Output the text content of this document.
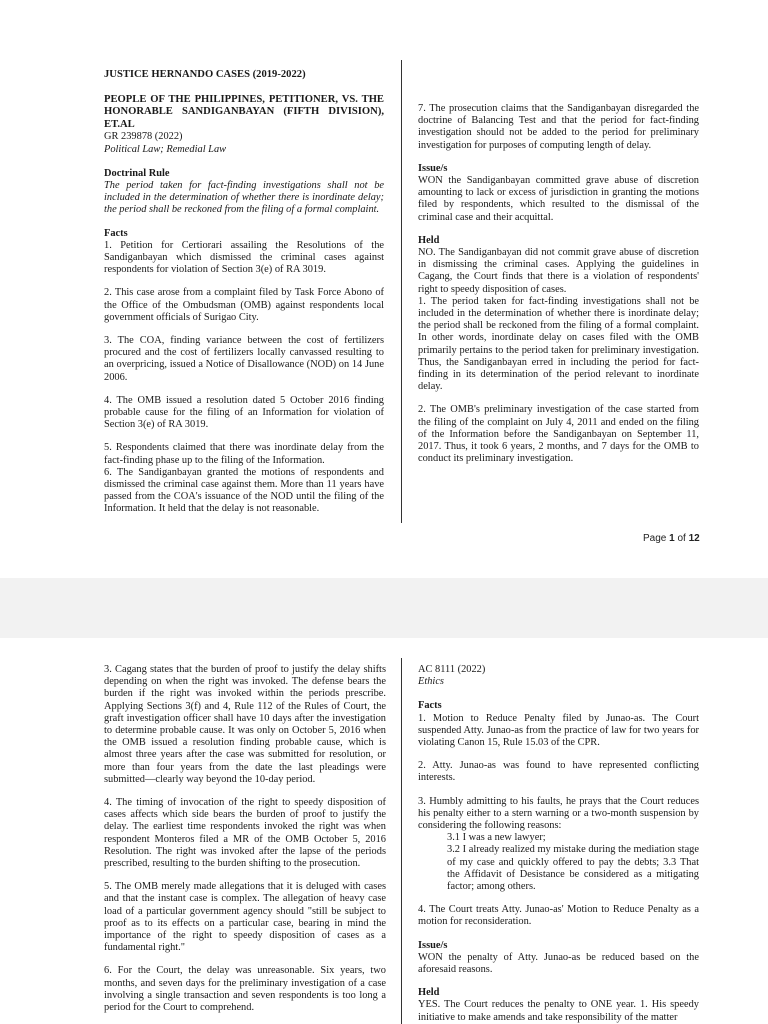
JUSTICE HERNANDO CASES (2019-2022)
PEOPLE OF THE PHILIPPINES, PETITIONER, VS. THE HONORABLE SANDIGANBAYAN (FIFTH DIVISION), ET.AL
GR 239878 (2022)
Political Law; Remedial Law
Doctrinal Rule

The period taken for fact-finding investigations shall not be included in the determination of whether there is inordinate delay; the period shall be reckoned from the filing of a formal complaint.

Facts

1. Petition for Certiorari assailing the Resolutions of the Sandiganbayan which dismissed the criminal cases against respondents for violation of Section 3(e) of RA 3019.

2. This case arose from a complaint filed by Task Force Abono of the Office of the Ombudsman (OMB) against respondents local government officials of Surigao City.

3. The COA, finding variance between the cost of fertilizers procured and the cost of fertilizers locally canvassed resulting to an overpricing, issued a Notice of Disallowance (NOD) on 14 June 2006.

4. The OMB issued a resolution dated 5 October 2016 finding probable cause for the filing of an Information for violation of Section 3(e) of RA 3019.

5. Respondents claimed that there was inordinate delay from the fact-finding phase up to the filing of the Information.

6. The Sandiganbayan granted the motions of respondents and dismissed the criminal case against them. More than 11 years have passed from the COA's issuance of the NOD until the filing of the Information. It held that the delay is not reasonable.

7. The prosecution claims that the Sandiganbayan disregarded the doctrine of Balancing Test and that the period for fact-finding investigation should not be added to the period for preliminary investigation for purposes of computing length of delay.

Issue/s

WON the Sandiganbayan committed grave abuse of discretion amounting to lack or excess of jurisdiction in granting the motions filed by respondents, which resulted to the dismissal of the criminal case and their acquittal.

Held

NO. The Sandiganbayan did not commit grave abuse of discretion in dismissing the criminal cases. Applying the guidelines in Cagang, the Court finds that there is a violation of respondents' right to speedy disposition of cases.

1. The period taken for fact-finding investigations shall not be included in the determination of whether there is inordinate delay; the period shall be reckoned from the filing of a formal complaint. In other words, inordinate delay on cases filed with the OMB primarily pertains to the period taken for preliminary investigation. Thus, the Sandiganbayan erred in including the period for fact-finding in its determination of the period relevant to inordinate delay.

2. The OMB's preliminary investigation of the case started from the filing of the complaint on July 4, 2011 and ended on the filing of the Information before the Sandiganbayan on September 11, 2017. Thus, it took 6 years, 2 months, and 7 days for the OMB to conduct its preliminary investigation.

Page 1 of 12

3. Cagang states that the burden of proof to justify the delay shifts depending on when the right was invoked. The defense bears the burden if the right was invoked within the periods prescribe. Applying Sections 3(f) and 4, Rule 112 of the Rules of Court, the graft investigation officer shall have 10 days after the investigation to determine probable cause. It was only on October 5, 2016 when the OMB issued a resolution finding probable cause, which is almost three years after the case was submitted for resolution, or more than four years from the date the last pleadings were submitted—clearly way beyond the 10-day period.

4. The timing of invocation of the right to speedy disposition of cases affects which side bears the burden of proof to justify the delay. The earliest time respondents invoked the right was when respondent Monteros filed a MR of the OMB October 5, 2016 Resolution. The right was invoked after the lapse of the periods prescribed, resulting to the burden shifting to the prosecution.

5. The OMB merely made allegations that it is deluged with cases and that the instant case is complex. The allegation of heavy case load of a particular government agency should "still be subject to proof as to its effects on a particular case, bearing in mind the importance of the right to speedy disposition of cases as a fundamental right."

6. For the Court, the delay was unreasonable. Six years, two months, and seven days for the preliminary investigation of a case involving a single transaction and seven respondents is too long a period for the Court to comprehend.

AC 8111 (2022)
Ethics
Facts

1. Motion to Reduce Penalty filed by Junao-as. The Court suspended Atty. Junao-as from the practice of law for two years for violating Canon 15, Rule 15.03 of the CPR.

2. Atty. Junao-as was found to have represented conflicting interests.

3. Humbly admitting to his faults, he prays that the Court reduces his penalty either to a stern warning or a two-month suspension by considering the following reasons:

3.1 I was a new lawyer;

3.2 I already realized my mistake during the mediation stage of my case and quickly offered to pay the debts; 3.3 That the Affidavit of Desistance be considered as a mitigating factor; among others.

4. The Court treats Atty. Junao-as' Motion to Reduce Penalty as a motion for reconsideration.

Issue/s

WON the penalty of Atty. Junao-as be reduced based on the aforesaid reasons.

Held

YES. The Court reduces the penalty to ONE year. 1. His speedy initiative to make amends and take responsibility of the matter
